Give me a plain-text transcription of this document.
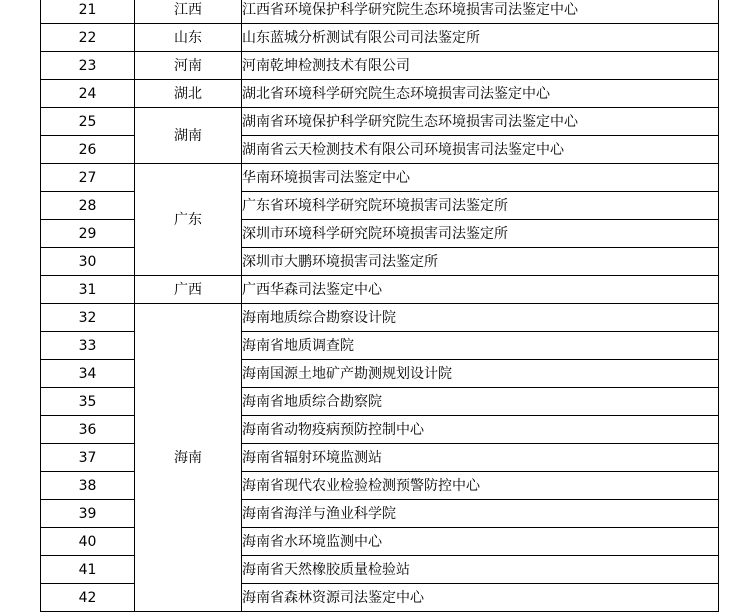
21	江西	江西省环境保护科学研究院生态环境损害司法鉴定中心
22	山东	山东蓝城分析测试有限公司司法鉴定所
23	河南	河南乾坤检测技术有限公司
24	湖北	湖北省环境科学研究院生态环境损害司法鉴定中心
25	湖南	湖南省环境保护科学研究院生态环境损害司法鉴定中心
26		湖南省云天检测技术有限公司环境损害司法鉴定中心
27	广东	华南环境损害司法鉴定中心
28		广东省环境科学研究院环境损害司法鉴定所
29		深圳市环境科学研究院环境损害司法鉴定所
30		深圳市大鹏环境损害司法鉴定所
31	广西	广西华森司法鉴定中心
32	海南	海南地质综合勘察设计院
33		海南省地质调查院
34		海南国源土地矿产勘测规划设计院
35		海南省地质综合勘察院
36		海南省动物疫病预防控制中心
37		海南省辐射环境监测站
38		海南省现代农业检验检测预警防控中心
39		海南省海洋与渔业科学院
40		海南省水环境监测中心
41		海南省天然橡胶质量检验站
42		海南省森林资源司法鉴定中心
